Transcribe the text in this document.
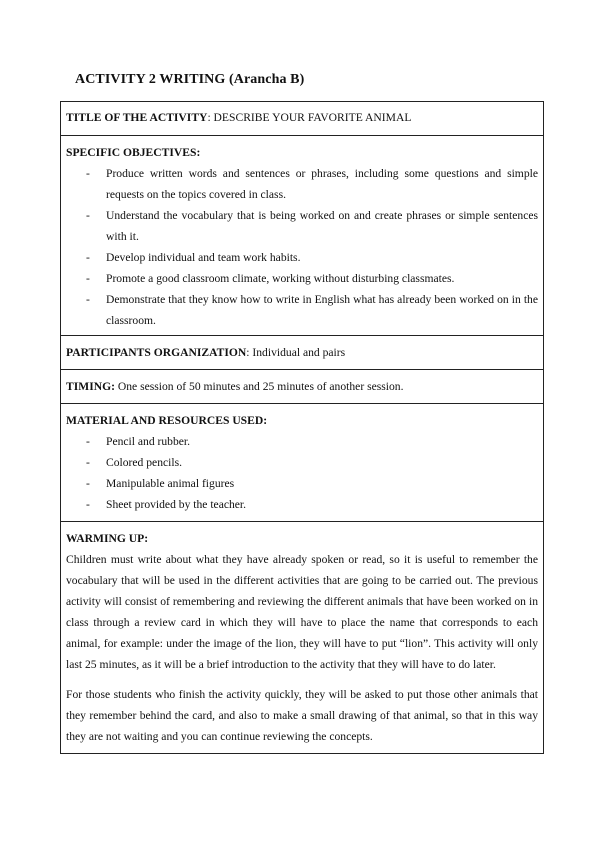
ACTIVITY 2 WRITING (Arancha B)
TITLE OF THE ACTIVITY: DESCRIBE YOUR FAVORITE ANIMAL
SPECIFIC OBJECTIVES:
- Produce written words and sentences or phrases, including some questions and simple requests on the topics covered in class.
- Understand the vocabulary that is being worked on and create phrases or simple sentences with it.
- Develop individual and team work habits.
- Promote a good classroom climate, working without disturbing classmates.
- Demonstrate that they know how to write in English what has already been worked on in the classroom.
PARTICIPANTS ORGANIZATION: Individual and pairs
TIMING: One session of 50 minutes and 25 minutes of another session.
MATERIAL AND RESOURCES USED:
- Pencil and rubber.
- Colored pencils.
- Manipulable animal figures
- Sheet provided by the teacher.
WARMING UP:

Children must write about what they have already spoken or read, so it is useful to remember the vocabulary that will be used in the different activities that are going to be carried out. The previous activity will consist of remembering and reviewing the different animals that have been worked on in class through a review card in which they will have to place the name that corresponds to each animal, for example: under the image of the lion, they will have to put “lion”. This activity will only last 25 minutes, as it will be a brief introduction to the activity that they will have to do later.

For those students who finish the activity quickly, they will be asked to put those other animals that they remember behind the card, and also to make a small drawing of that animal, so that in this way they are not waiting and you can continue reviewing the concepts.
